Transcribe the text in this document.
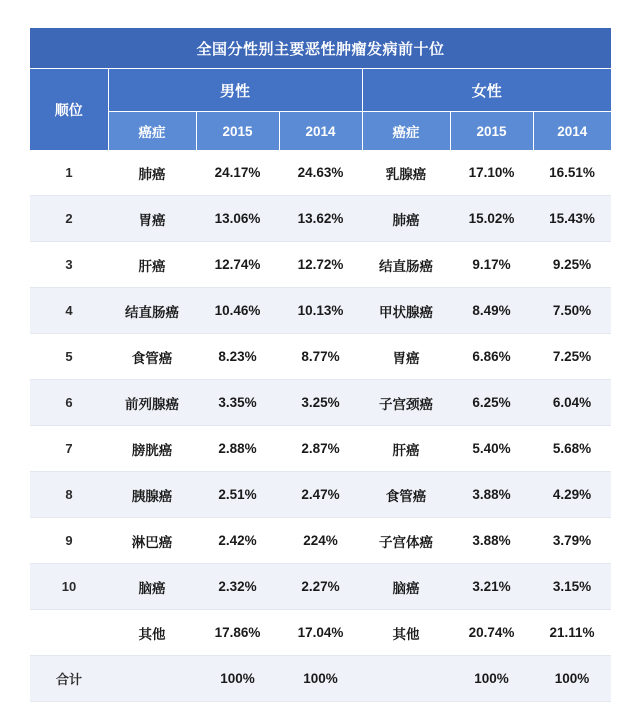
全国分性别主要恶性肿瘤发病前十位						
顺位	男性			女性		
	癌症	2015	2014	癌症	2015	2014
1	肺癌	24.17%	24.63%	乳腺癌	17.10%	16.51%
2	胃癌	13.06%	13.62%	肺癌	15.02%	15.43%
3	肝癌	12.74%	12.72%	结直肠癌	9.17%	9.25%
4	结直肠癌	10.46%	10.13%	甲状腺癌	8.49%	7.50%
5	食管癌	8.23%	8.77%	胃癌	6.86%	7.25%
6	前列腺癌	3.35%	3.25%	子宫颈癌	6.25%	6.04%
7	膀胱癌	2.88%	2.87%	肝癌	5.40%	5.68%
8	胰腺癌	2.51%	2.47%	食管癌	3.88%	4.29%
9	淋巴癌	2.42%	224%	子宫体癌	3.88%	3.79%
10	脑癌	2.32%	2.27%	脑癌	3.21%	3.15%
	其他	17.86%	17.04%	其他	20.74%	21.11%
合计		100%	100%		100%	100%
